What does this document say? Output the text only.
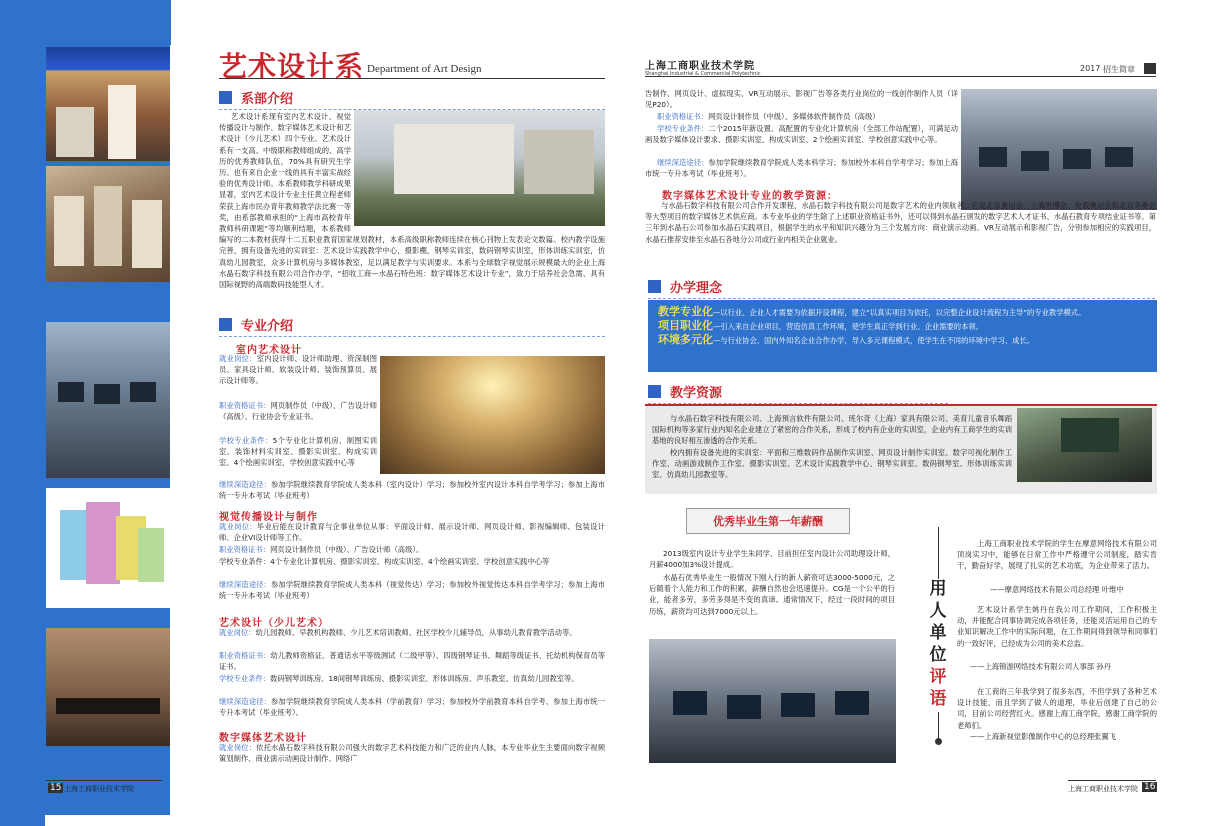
艺术设计系 Department of Art Design
系部介绍
艺术设计系现有室内艺术设计、视觉传播设计与制作、数字媒体艺术设计和艺术设计（少儿艺术）四个专业。艺术设计系有一支高、中级职称教师组成的、高学历的优秀教师队伍，70%具有研究生学历。也有来自企业一线的具有丰富实战经验的优秀设计师。本系教师教学科研成果显著，室内艺术设计专业主任黄立程老师荣获上海市民办青年教师教学法比赛一等奖，由系部教师承担的“上海市高校青年教师科研课题”等均顺利结题，本系教师编写的二本教材获得十二五职业教育国家规划教材，本系高级职称教师连续在核心刊物上发表论文数篇。校内教学设施完善，拥有设备先进的实训室：艺术设计实践教学中心，摄影棚，钢琴实训室，数码钢琴实训室，形体训练实训室，仿真幼儿园教室，众多计算机房与多媒体教室，足以满足教学与实训要求。本系与全球数字视觉展示规模最大的企业上海水晶石数字科技有限公司合作办学，“招收工商—水晶石特色班：数字媒体艺术设计专业”，致力于培养社会急需、具有国际视野的高端数码技能型人才。
专业介绍
室内艺术设计
就业岗位：室内设计师、设计师助理、资深制图员、家具设计师、软装设计师、装饰预算员、展示设计师等。
职业资格证书：网页制作员（中级）、广告设计师（高级）、行业协会专业证书。
学校专业条件：5个专业化计算机房、制图实训室、装饰材料实训室、摄影实训室、构成实训室、4个绘画实训室、学校创意实践中心等
继续深造途径：参加学院继续教育学院成人类本科（室内设计）学习；参加校外室内设计本科自学考学习；参加上海市统一专升本考试（毕业班考）
视觉传播设计与制作
就业岗位：毕业后能在设计教育与企事业单位从事：平面设计师、展示设计师、网页设计师、影视编辑师、包装设计师、企业VI设计师等工作。
职业资格证书：网页设计制作员（中级）、广告设计师（高级）。
学校专业条件：4个专业化计算机房、摄影实训室、构成实训室、4个绘画实训室、学校创意实践中心等
继续深造途径：参加学院继续教育学院成人类本科（视觉传达）学习；参加校外视觉传达本科自学考学习；参加上海市统一专升本考试（毕业班考）
艺术设计（少儿艺术）
就业岗位：幼儿园教师、早教机构教师、少儿艺术培训教师、社区学校少儿辅导员，从事幼儿教育教学活动等。
职业资格证书：幼儿教师资格证、普通话水平等级测试（二级甲等）、四级钢琴证书、舞蹈等级证书、托幼机构保育员等证书。
学校专业条件：数码钢琴训练房、18间钢琴训练房、摄影实训室、形体训练房、声乐教室、仿真幼儿园教室等。
继续深造途径：参加学院继续教育学院成人类本科（学前教育）学习；参加校外学前教育本科自学考、参加上海市统一专升本考试（毕业班考）。
数字媒体艺术设计
就业岗位：依托水晶石数字科技有限公司强大的数字艺术科技能力和广泛的业内人脉，本专业毕业生主要面向数字视频策划制作、商业演示动画设计制作、网络广
15 上海工商职业技术学院
上海工商职业技术学院
Shanghai Industrial & Commercial Polytechnic
2017 招生简章
告制作、网页设计、虚拟现实、VR互动展示、影视广告等各类行业岗位的一线创作制作人员（详见P20）。
职业资格证书：网页设计制作员（中级）、多媒体软件制作员（高级）
学校专业条件：二个2015年新设置、高配置的专业化计算机房（全部工作站配置），可满足动画及数字媒体设计要求、摄影实训室、构成实训室、2个绘画实训室、学校创意实践中心等。
继续深造途径：参加学院继续教育学院成人类本科学习；参加校外本科自学考学习；参加上海市统一专升本考试（毕业班考）。
数字媒体艺术设计专业的教学资源：
与水晶石数字科技有限公司合作开发课程，水晶石数字科技有限公司是数字艺术的业内领航者，它是北京奥运会、上海世博会、伦敦奥运会和北京冬奥会等大型项目的数字媒体艺术供应商。本专业毕业的学生除了上述职业资格证书外，还可以得到水晶石颁发的数字艺术人才证书、水晶石教育专项结业证书等。第三年到水晶石公司参加水晶石实践项目，根据学生的水平和知识兴趣分为三个发展方向：商业演示动画、VR互动展示和影视广告，分别参加相应的实践项目，水晶石推荐安排至水晶石各地分公司或行业内相关企业就业。
办学理念
教学专业化—以行业、企业人才需要为依据开设课程，建立“以真实项目为依托，以完整企业设计流程为主导”的专业教学模式。
项目职业化—引入来自企业项目，营造仿真工作环境，使学生真正学到行业、企业需要的本领。
环境多元化—与行业协会、国内外知名企业合作办学，导入多元课程模式，使学生在不同的环境中学习、成长。
教学资源
与水晶石数字科技有限公司、上海預言软件有限公司、班尔奇（上海）家具有限公司、美育儿童音乐舞蹈国际机构等多家行业内知名企业建立了紧密的合作关系，形成了校内有企业的实训室，企业内有工商学生的实训基地的良好相互渗透的合作关系。
校内拥有设备先进的实训室：平面和三维数码作品制作实训室、网页设计制作实训室、数字可视化制作工作室、动画游戏制作工作室、摄影实训室、艺术设计实践教学中心、钢琴实训室、数码钢琴室、形体训练实训室、仿真幼儿园教室等。
优秀毕业生第一年薪酬
2013级室内设计专业学生朱同学、目前担任室内设计公司助理设计师，月薪4000加3%设计提成。
水晶石优秀毕业生一般情况下刚入行的新人薪资可达3000-5000元，之后随着个人能力和工作的积累，薪酬自然也会迅速提升。CG是一个公平的行业，能者多劳，多劳多得是不变的真谛。通常情况下，经过一段时间的项目历练，薪资均可达到7000元以上。
用
人
单
位
评
语
上海工商职业技术学院的学生在摩意网络技术有限公司顶岗实习中，能够在日常工作中严格遵守公司制度，踏实肯干，勤奋好学，展现了扎实的艺术功底，为企业带来了活力。
——摩意网络技术有限公司总经理 叶维中
艺术设计系学生姚丹在我公司工作期间，工作积极主动，并能配合同事协调完成各项任务，还能灵活运用自己的专业知识解决工作中的实际问题，在工作期间得到领导和同事们的一致好评，已经成为公司的美术总监。
——上海锦游网络技术有限公司人事部 孙丹
在工商的三年我学到了很多东西，不但学到了各种艺术设计技能，而且学到了做人的道理，毕业后创建了自己的公司，目前公司经营红火。感谢上海工商学院，感谢工商学院的老师们。
——上海新视觉影像制作中心的总经理张翼飞
上海工商职业技术学院 16
